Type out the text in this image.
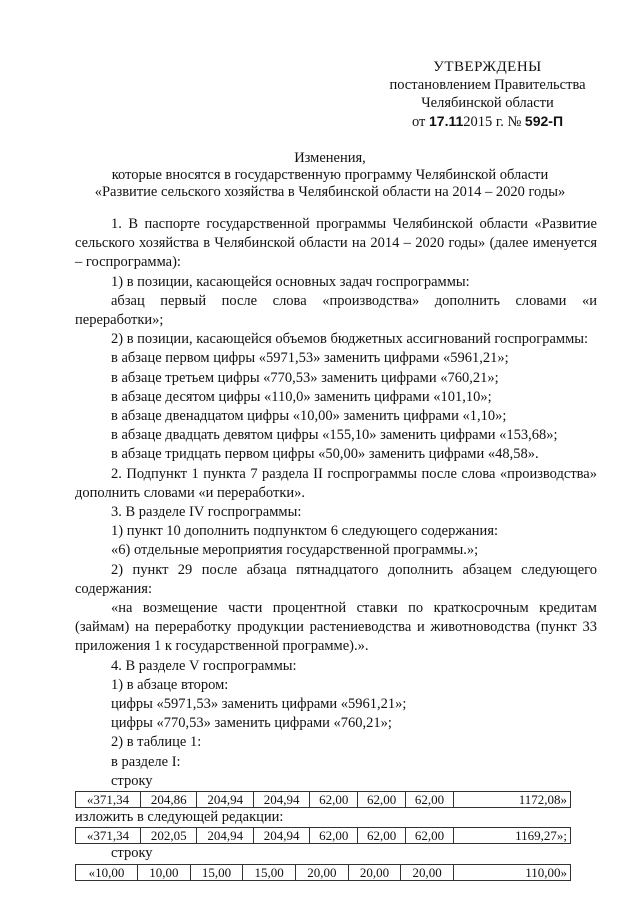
УТВЕРЖДЕНЫ
постановлением Правительства
Челябинской области
от 17.112015 г. № 592-П
Изменения,
которые вносятся в государственную программу Челябинской области
«Развитие сельского хозяйства в Челябинской области на 2014 – 2020 годы»

1. В паспорте государственной программы Челябинской области «Развитие сельского хозяйства в Челябинской области на 2014 – 2020 годы» (далее именуется – госпрограмма):

1) в позиции, касающейся основных задач госпрограммы:

абзац первый после слова «производства» дополнить словами «и переработки»;

2) в позиции, касающейся объемов бюджетных ассигнований госпрограммы:

в абзаце первом цифры «5971,53» заменить цифрами «5961,21»;

в абзаце третьем цифры «770,53» заменить цифрами «760,21»;

в абзаце десятом цифры «110,0» заменить цифрами «101,10»;

в абзаце двенадцатом цифры «10,00» заменить цифрами «1,10»;

в абзаце двадцать девятом цифры «155,10» заменить цифрами «153,68»;

в абзаце тридцать первом цифры «50,00» заменить цифрами «48,58».

2. Подпункт 1 пункта 7 раздела II госпрограммы после слова «производства» дополнить словами «и переработки».

3. В разделе IV госпрограммы:

1) пункт 10 дополнить подпунктом 6 следующего содержания:

«6) отдельные мероприятия государственной программы.»;

2) пункт 29 после абзаца пятнадцатого дополнить абзацем следующего содержания:

«на возмещение части процентной ставки по краткосрочным кредитам (займам) на переработку продукции растениеводства и животноводства (пункт 33 приложения 1 к государственной программе).».

4. В разделе V госпрограммы:

1) в абзаце втором:

цифры «5971,53» заменить цифрами «5961,21»;

цифры «770,53» заменить цифрами «760,21»;

2) в таблице 1:

в разделе I:

строку

«371,34	204,86	204,94	204,94	62,00	62,00	62,00	1172,08»

изложить в следующей редакции:

«371,34	202,05	204,94	204,94	62,00	62,00	62,00	1169,27»;

строку

«10,00	10,00	15,00	15,00	20,00	20,00	20,00	110,00»
